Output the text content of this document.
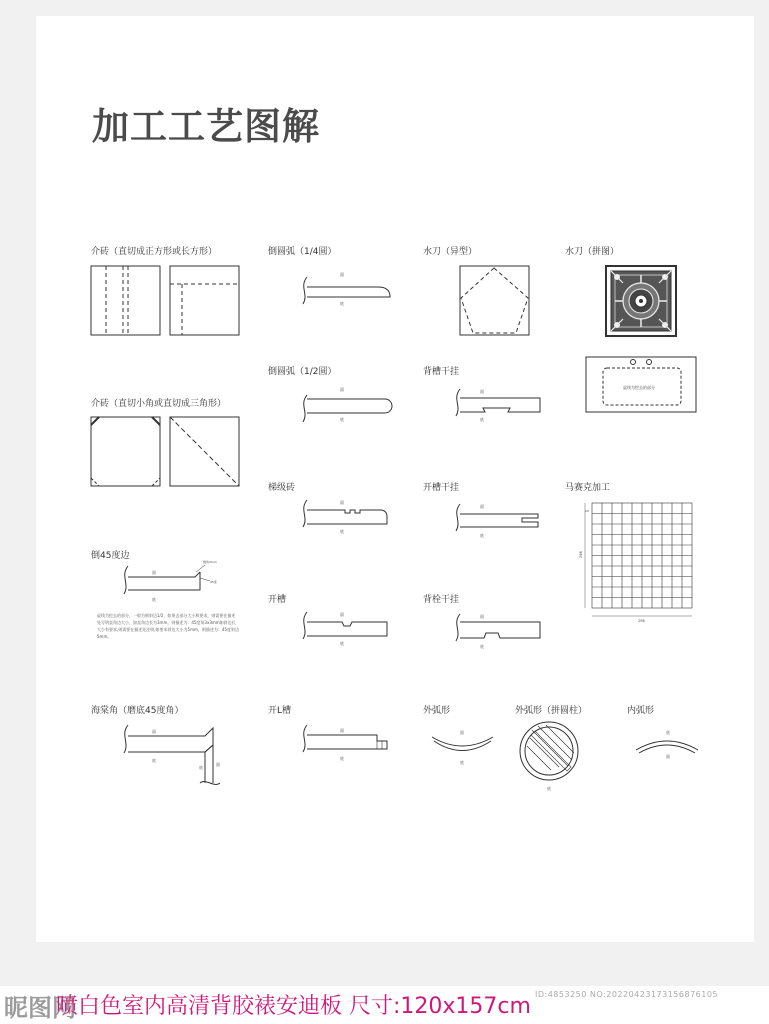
加工工艺图解
介砖（直切成正方形或长方形）
介砖（直切小角或直切成三角形）
倒45度边
海棠角（磨底45度角）
倒圆弧（1/4圆）
倒圆弧（1/2圆）
梯级砖
开槽
开L槽
水刀（异型）
背槽干挂
开槽干挂
背栓干挂
外弧形
水刀（拼图）
马赛克加工
外弧形（拼圆柱）	内弧形
虚线为挖去的部分，一般为倒斜边1/2，如果去部分大小和要求，则需要在描述处写明直角边大小，如直角边长为3mm，则描述为：45度角3x3mm如斜边长大小有要求,则需要在描述处注明,如要求斜边大小为5mm，则描述为：45度斜边5mm。
面
底
倒角3mm
45度
面
底
面
底
面
底
面
底
面
底
面
底
面
底
面
底
面
底
面
底
面
底
虚线为挖去的部分
298
298
20
底
底
面
昵图网
喷白色室内高清背胶裱安迪板 尺寸:120x157cm ID:4853250 NO:20220423173156876105
